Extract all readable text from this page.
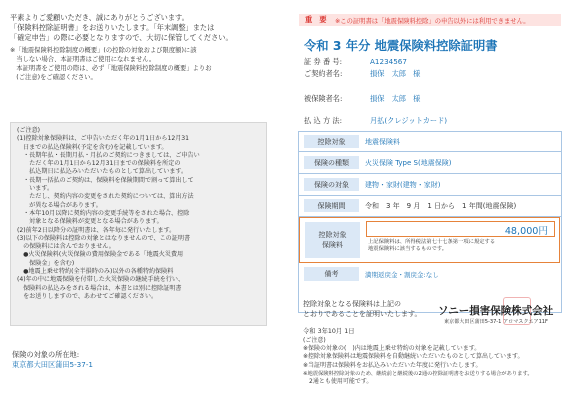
平素よりご愛顧いただき、誠にありがとうございます。
「保険料控除証明書」をお送りいたします。「年末調整」または
「確定申告」の際に必要となりますので、大切に保管してください。
※「地震保険料控除制度の概要」(の控除の対象および限度額)に該
　当しない場合、本証明書はご使用になれません。
　本証明書をご使用の際は、必ず「地震保険料控除制度の概要」よりお
　(ご注意)をご確認ください。
(ご注意)
(1)控除対象保険料は、ご申告いただく年の1月1日から12月31
　日までの払込保険料(予定を含む)を記載しています。
　・長期年払・長期月払・月払のご契約につきましては、ご申告い
　　ただく年の1月1日から12月31日までの保険料を所定の
　　払込期日に払込みいただいたものとして算出しています。
　・長期一括払のご契約は、保険料を保険期間で割って算出して
　　います。
　　ただし、契約内容の変更をされた契約については、算出方法
　　が異なる場合があります。
　・本年10月以降に契約内容の変更手続等をされた場合、控除
　　対象となる保険料が変更となる場合があります。
(2)前年2日以降分の証明書は、各年毎に発行いたします。
(3)以下の保険料は控除の対象とはなりませんので、この証明書
　の保険料には含んでおりません。
　●火災保険料(火災保険の費用保険金である「地震火災費用
　　保険金」を含む)
　●地震上乗せ特約(全半損時のみ)以外の各種特約保険料
(4)年の中に地震保険を付帯した火災保険の継続手続を行い、
　保険料の払込みをされる場合は、本書とは別に控除証明書
　をお送りしますので、あわせてご確認ください。
保険の対象の所在地:
東京都大田区蒲田5-37-1
重　要 ※この証明書は「地震保険料控除」の申告以外には利用できません。
令和 3 年分 地震保険料控除証明書
証 券 番 号:	A1234567
ご契約者名:	損保　太郎　様
被保険者名:	損保　太郎　様
払 込 方 法:	月払(クレジットカード)
控除対象	地震保険料
保険の種類	火災保険 Type S(地震保険)
保険の対象	建物・家財(建物・家財)
保険期間	令和　3 年　9 月　1 日から　1 年間(地震保険)
控除対象
保険料
48,000円
上記保険料は、所得税法第七十七条第一項に規定する
地震保険料に該当するものです。
備考	満期返戻金・割戻金:なし
控除対象となる保険料は上記の
とおりであることを証明いたします。
令和 3年10月 1日
ソニー損害保険株式会社
東京都大田区蒲田5-37-1 アロマスクエア11F
(ご注意)
※保険の対象の(　)内は地震上乗せ特約の対象を記載しています。
※控除対象保険料は地震保険料を自動継続いただいたものとして算出しています。
※当証明書は保険料をお払込みいただいた年度に発行いたします。
※地震保険料控除対象のため、継続前と継続後の2通の控除証明書をお送りする場合があります。
　2通とも使用可能です。
